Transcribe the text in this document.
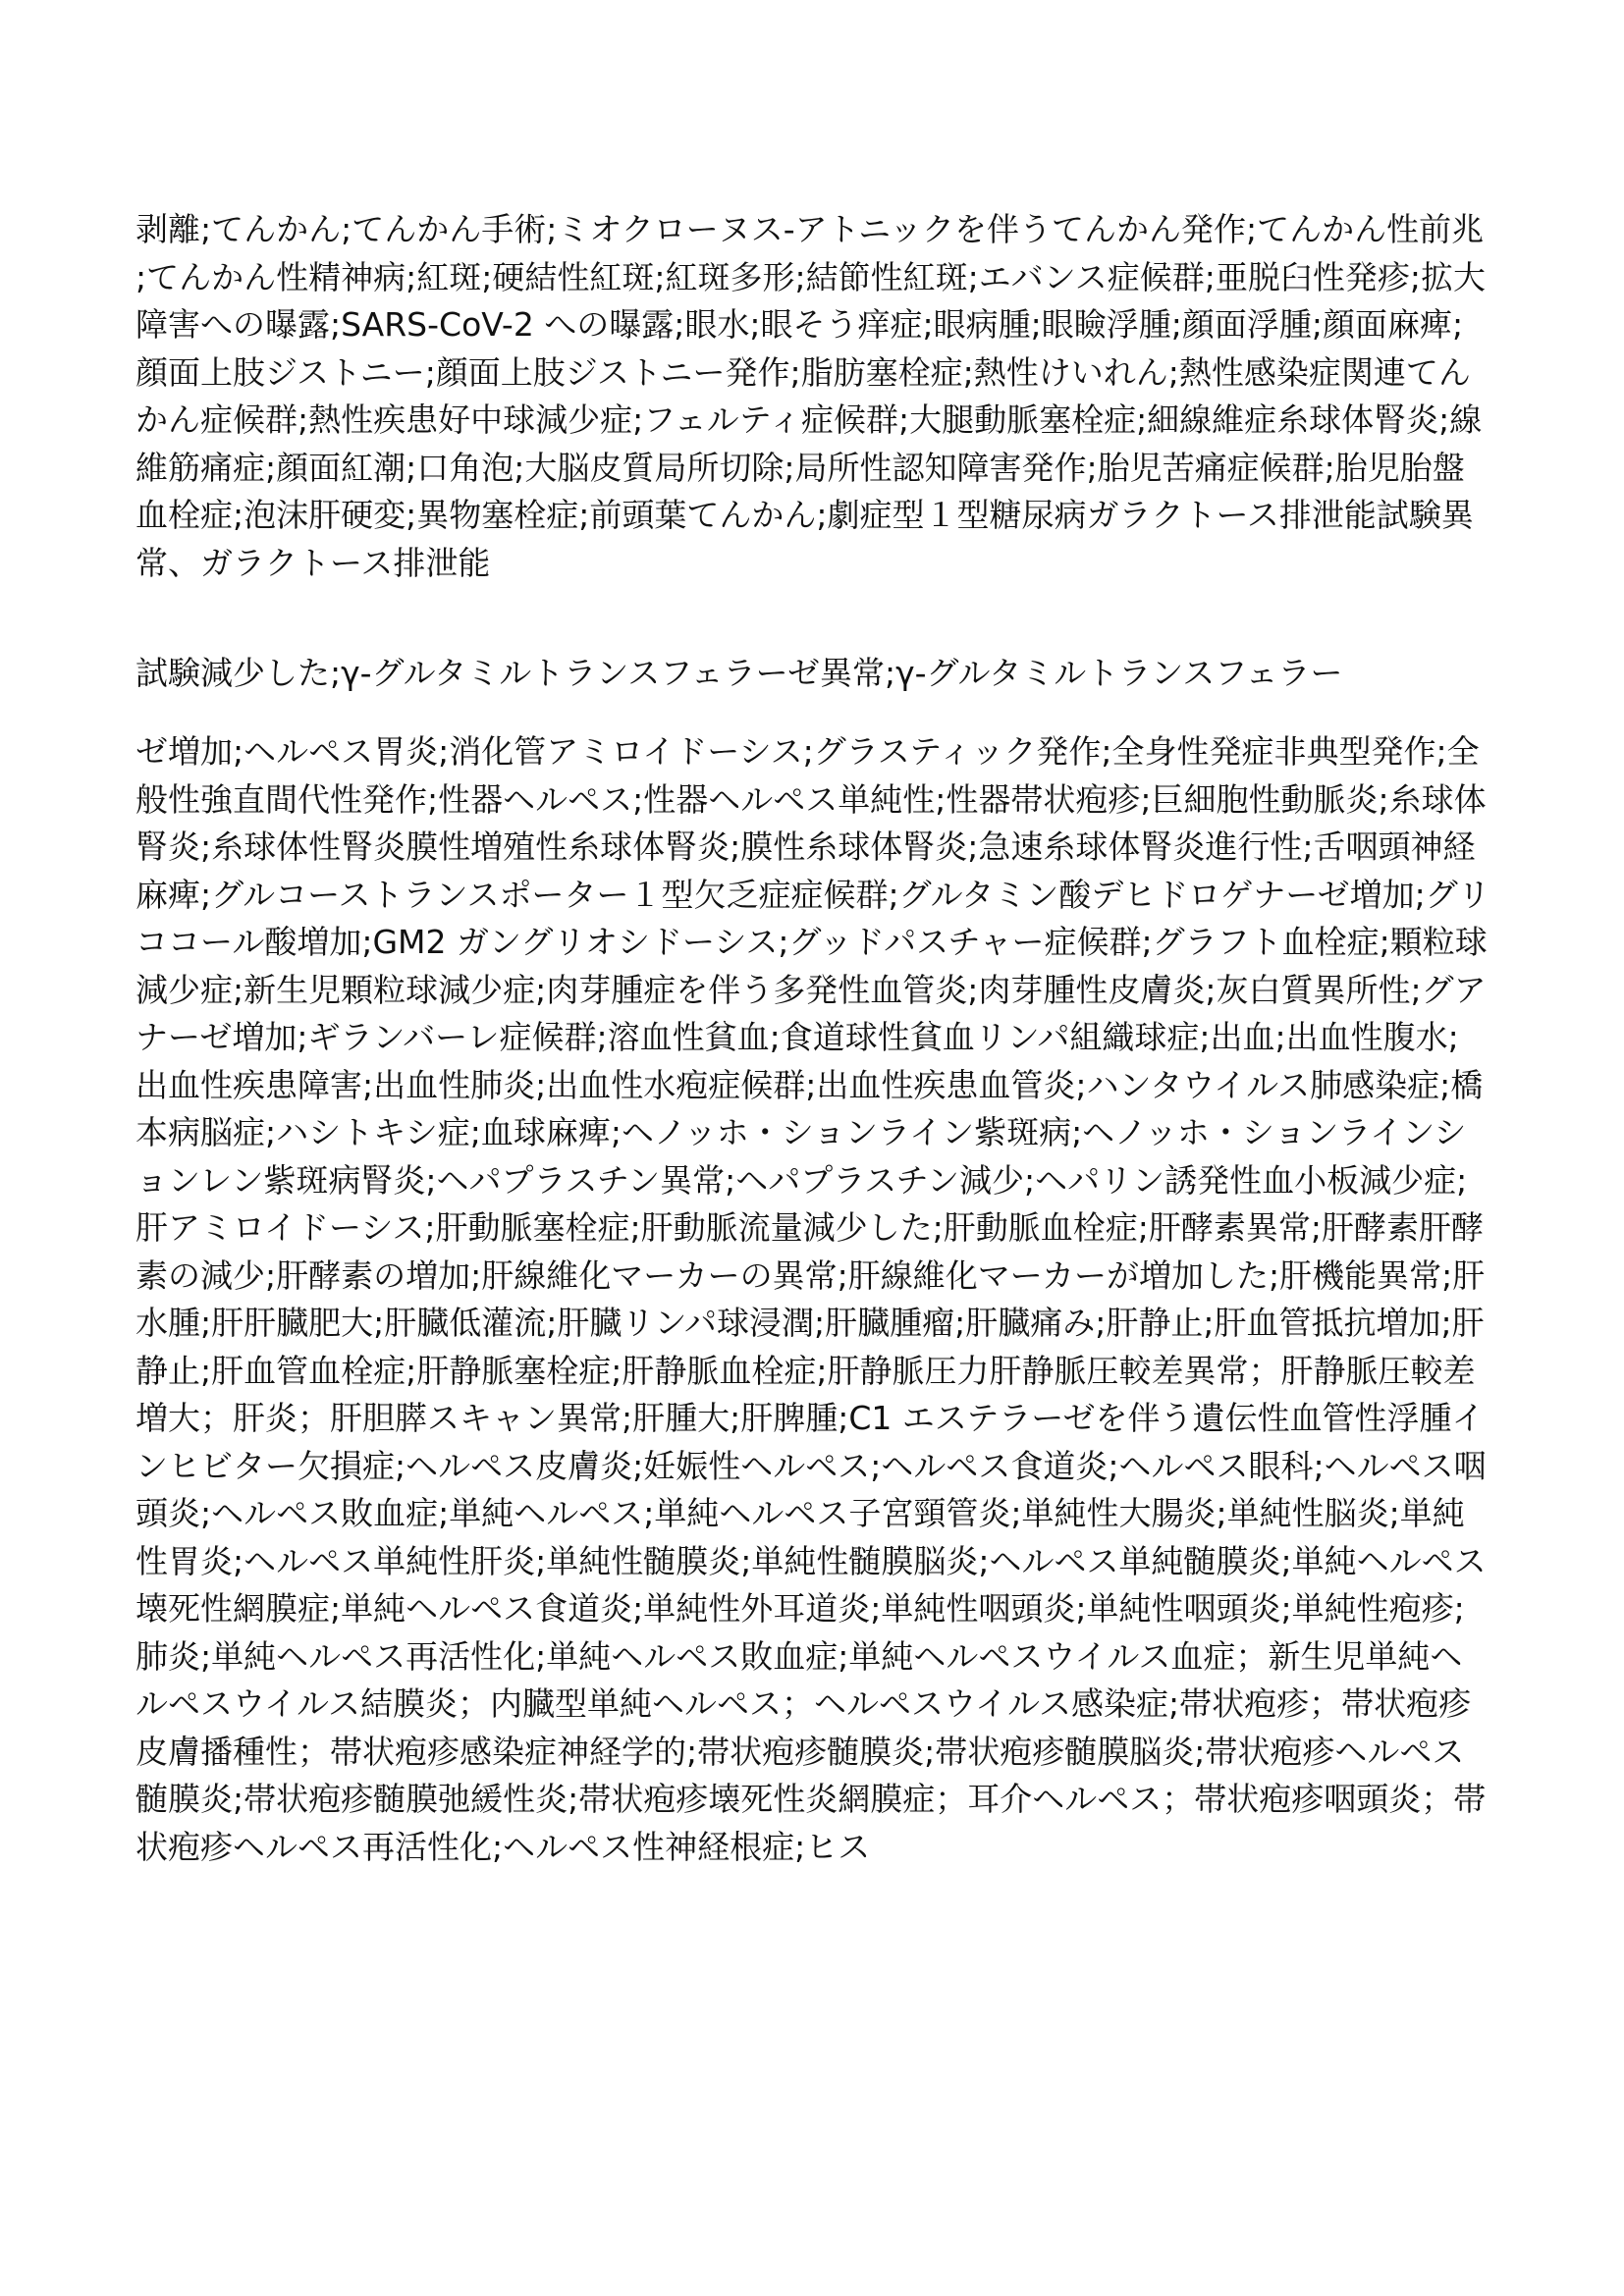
剥離;てんかん;てんかん手術;ミオクローヌス-アトニックを伴うてんかん発作;てんかん性前兆;てんかん性精神病;紅斑;硬結性紅斑;紅斑多形;結節性紅斑;エバンス症候群;亜脱臼性発疹;拡大障害への曝露;SARS-CoV-2 への曝露;眼水;眼そう痒症;眼病腫;眼瞼浮腫;顔面浮腫;顔面麻痺;顔面上肢ジストニー;顔面上肢ジストニー発作;脂肪塞栓症;熱性けいれん;熱性感染症関連てんかん症候群;熱性疾患好中球減少症;フェルティ症候群;大腿動脈塞栓症;細線維症糸球体腎炎;線維筋痛症;顔面紅潮;口角泡;大脳皮質局所切除;局所性認知障害発作;胎児苦痛症候群;胎児胎盤血栓症;泡沫肝硬変;異物塞栓症;前頭葉てんかん;劇症型１型糖尿病ガラクトース排泄能試験異常、ガラクトース排泄能

試験減少した;γ-グルタミルトランスフェラーゼ異常;γ-グルタミルトランスフェラー

ゼ増加;ヘルペス胃炎;消化管アミロイドーシス;グラスティック発作;全身性発症非典型発作;全般性強直間代性発作;性器ヘルペス;性器ヘルペス単純性;性器帯状疱疹;巨細胞性動脈炎;糸球体腎炎;糸球体性腎炎膜性増殖性糸球体腎炎;膜性糸球体腎炎;急速糸球体腎炎進行性;舌咽頭神経麻痺;グルコーストランスポーター１型欠乏症症候群;グルタミン酸デヒドロゲナーゼ増加;グリココール酸増加;GM2 ガングリオシドーシス;グッドパスチャー症候群;グラフト血栓症;顆粒球減少症;新生児顆粒球減少症;肉芽腫症を伴う多発性血管炎;肉芽腫性皮膚炎;灰白質異所性;グアナーゼ増加;ギランバーレ症候群;溶血性貧血;食道球性貧血リンパ組織球症;出血;出血性腹水;出血性疾患障害;出血性肺炎;出血性水疱症候群;出血性疾患血管炎;ハンタウイルス肺感染症;橋本病脳症;ハシトキシ症;血球麻痺;ヘノッホ・ションライン紫斑病;ヘノッホ・ションラインションレン紫斑病腎炎;ヘパプラスチン異常;ヘパプラスチン減少;ヘパリン誘発性血小板減少症;肝アミロイドーシス;肝動脈塞栓症;肝動脈流量減少した;肝動脈血栓症;肝酵素異常;肝酵素肝酵素の減少;肝酵素の増加;肝線維化マーカーの異常;肝線維化マーカーが増加した;肝機能異常;肝水腫;肝肝臓肥大;肝臓低灌流;肝臓リンパ球浸潤;肝臓腫瘤;肝臓痛み;肝静止;肝血管抵抗増加;肝静止;肝血管血栓症;肝静脈塞栓症;肝静脈血栓症;肝静脈圧力肝静脈圧較差異常；肝静脈圧較差増大；肝炎；肝胆膵スキャン異常;肝腫大;肝脾腫;C1 エステラーゼを伴う遺伝性血管性浮腫インヒビター欠損症;ヘルペス皮膚炎;妊娠性ヘルペス;ヘルペス食道炎;ヘルペス眼科;ヘルペス咽頭炎;ヘルペス敗血症;単純ヘルペス;単純ヘルペス子宮頸管炎;単純性大腸炎;単純性脳炎;単純性胃炎;ヘルペス単純性肝炎;単純性髄膜炎;単純性髄膜脳炎;ヘルペス単純髄膜炎;単純ヘルペス壊死性網膜症;単純ヘルペス食道炎;単純性外耳道炎;単純性咽頭炎;単純性咽頭炎;単純性疱疹;肺炎;単純ヘルペス再活性化;単純ヘルペス敗血症;単純ヘルペスウイルス血症；新生児単純ヘルペスウイルス結膜炎；内臓型単純ヘルペス；ヘルペスウイルス感染症;帯状疱疹；帯状疱疹皮膚播種性；帯状疱疹感染症神経学的;帯状疱疹髄膜炎;帯状疱疹髄膜脳炎;帯状疱疹ヘルペス髄膜炎;帯状疱疹髄膜弛緩性炎;帯状疱疹壊死性炎網膜症；耳介ヘルペス；帯状疱疹咽頭炎；帯状疱疹ヘルペス再活性化;ヘルペス性神経根症;ヒス
